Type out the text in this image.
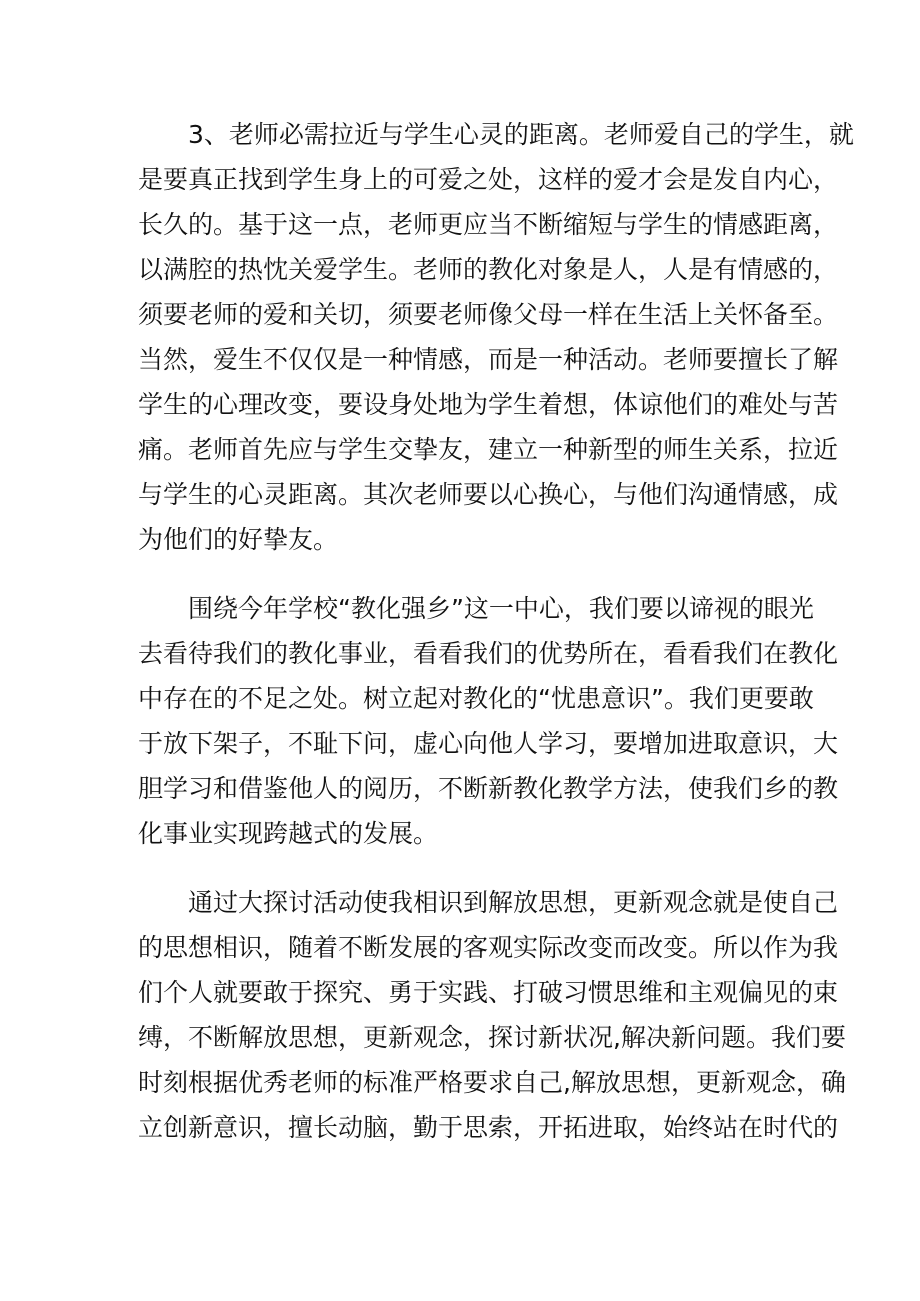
3、老师必需拉近与学生心灵的距离。老师爱自己的学生，就
是要真正找到学生身上的可爱之处，这样的爱才会是发自内心，
长久的。基于这一点，老师更应当不断缩短与学生的情感距离，
以满腔的热忱关爱学生。老师的教化对象是人，人是有情感的，
须要老师的爱和关切，须要老师像父母一样在生活上关怀备至。
当然，爱生不仅仅是一种情感，而是一种活动。老师要擅长了解
学生的心理改变，要设身处地为学生着想，体谅他们的难处与苦
痛。老师首先应与学生交挚友，建立一种新型的师生关系，拉近
与学生的心灵距离。其次老师要以心换心，与他们沟通情感，成
为他们的好挚友。

围绕今年学校“教化强乡”这一中心，我们要以谛视的眼光
去看待我们的教化事业，看看我们的优势所在，看看我们在教化
中存在的不足之处。树立起对教化的“忧患意识”。我们更要敢
于放下架子，不耻下问，虚心向他人学习，要增加进取意识，大
胆学习和借鉴他人的阅历，不断新教化教学方法，使我们乡的教
化事业实现跨越式的发展。

通过大探讨活动使我相识到解放思想，更新观念就是使自己
的思想相识，随着不断发展的客观实际改变而改变。所以作为我
们个人就要敢于探究、勇于实践、打破习惯思维和主观偏见的束
缚，不断解放思想，更新观念，探讨新状况,解决新问题。我们要
时刻根据优秀老师的标准严格要求自己,解放思想，更新观念，确
立创新意识，擅长动脑，勤于思索，开拓进取，始终站在时代的
